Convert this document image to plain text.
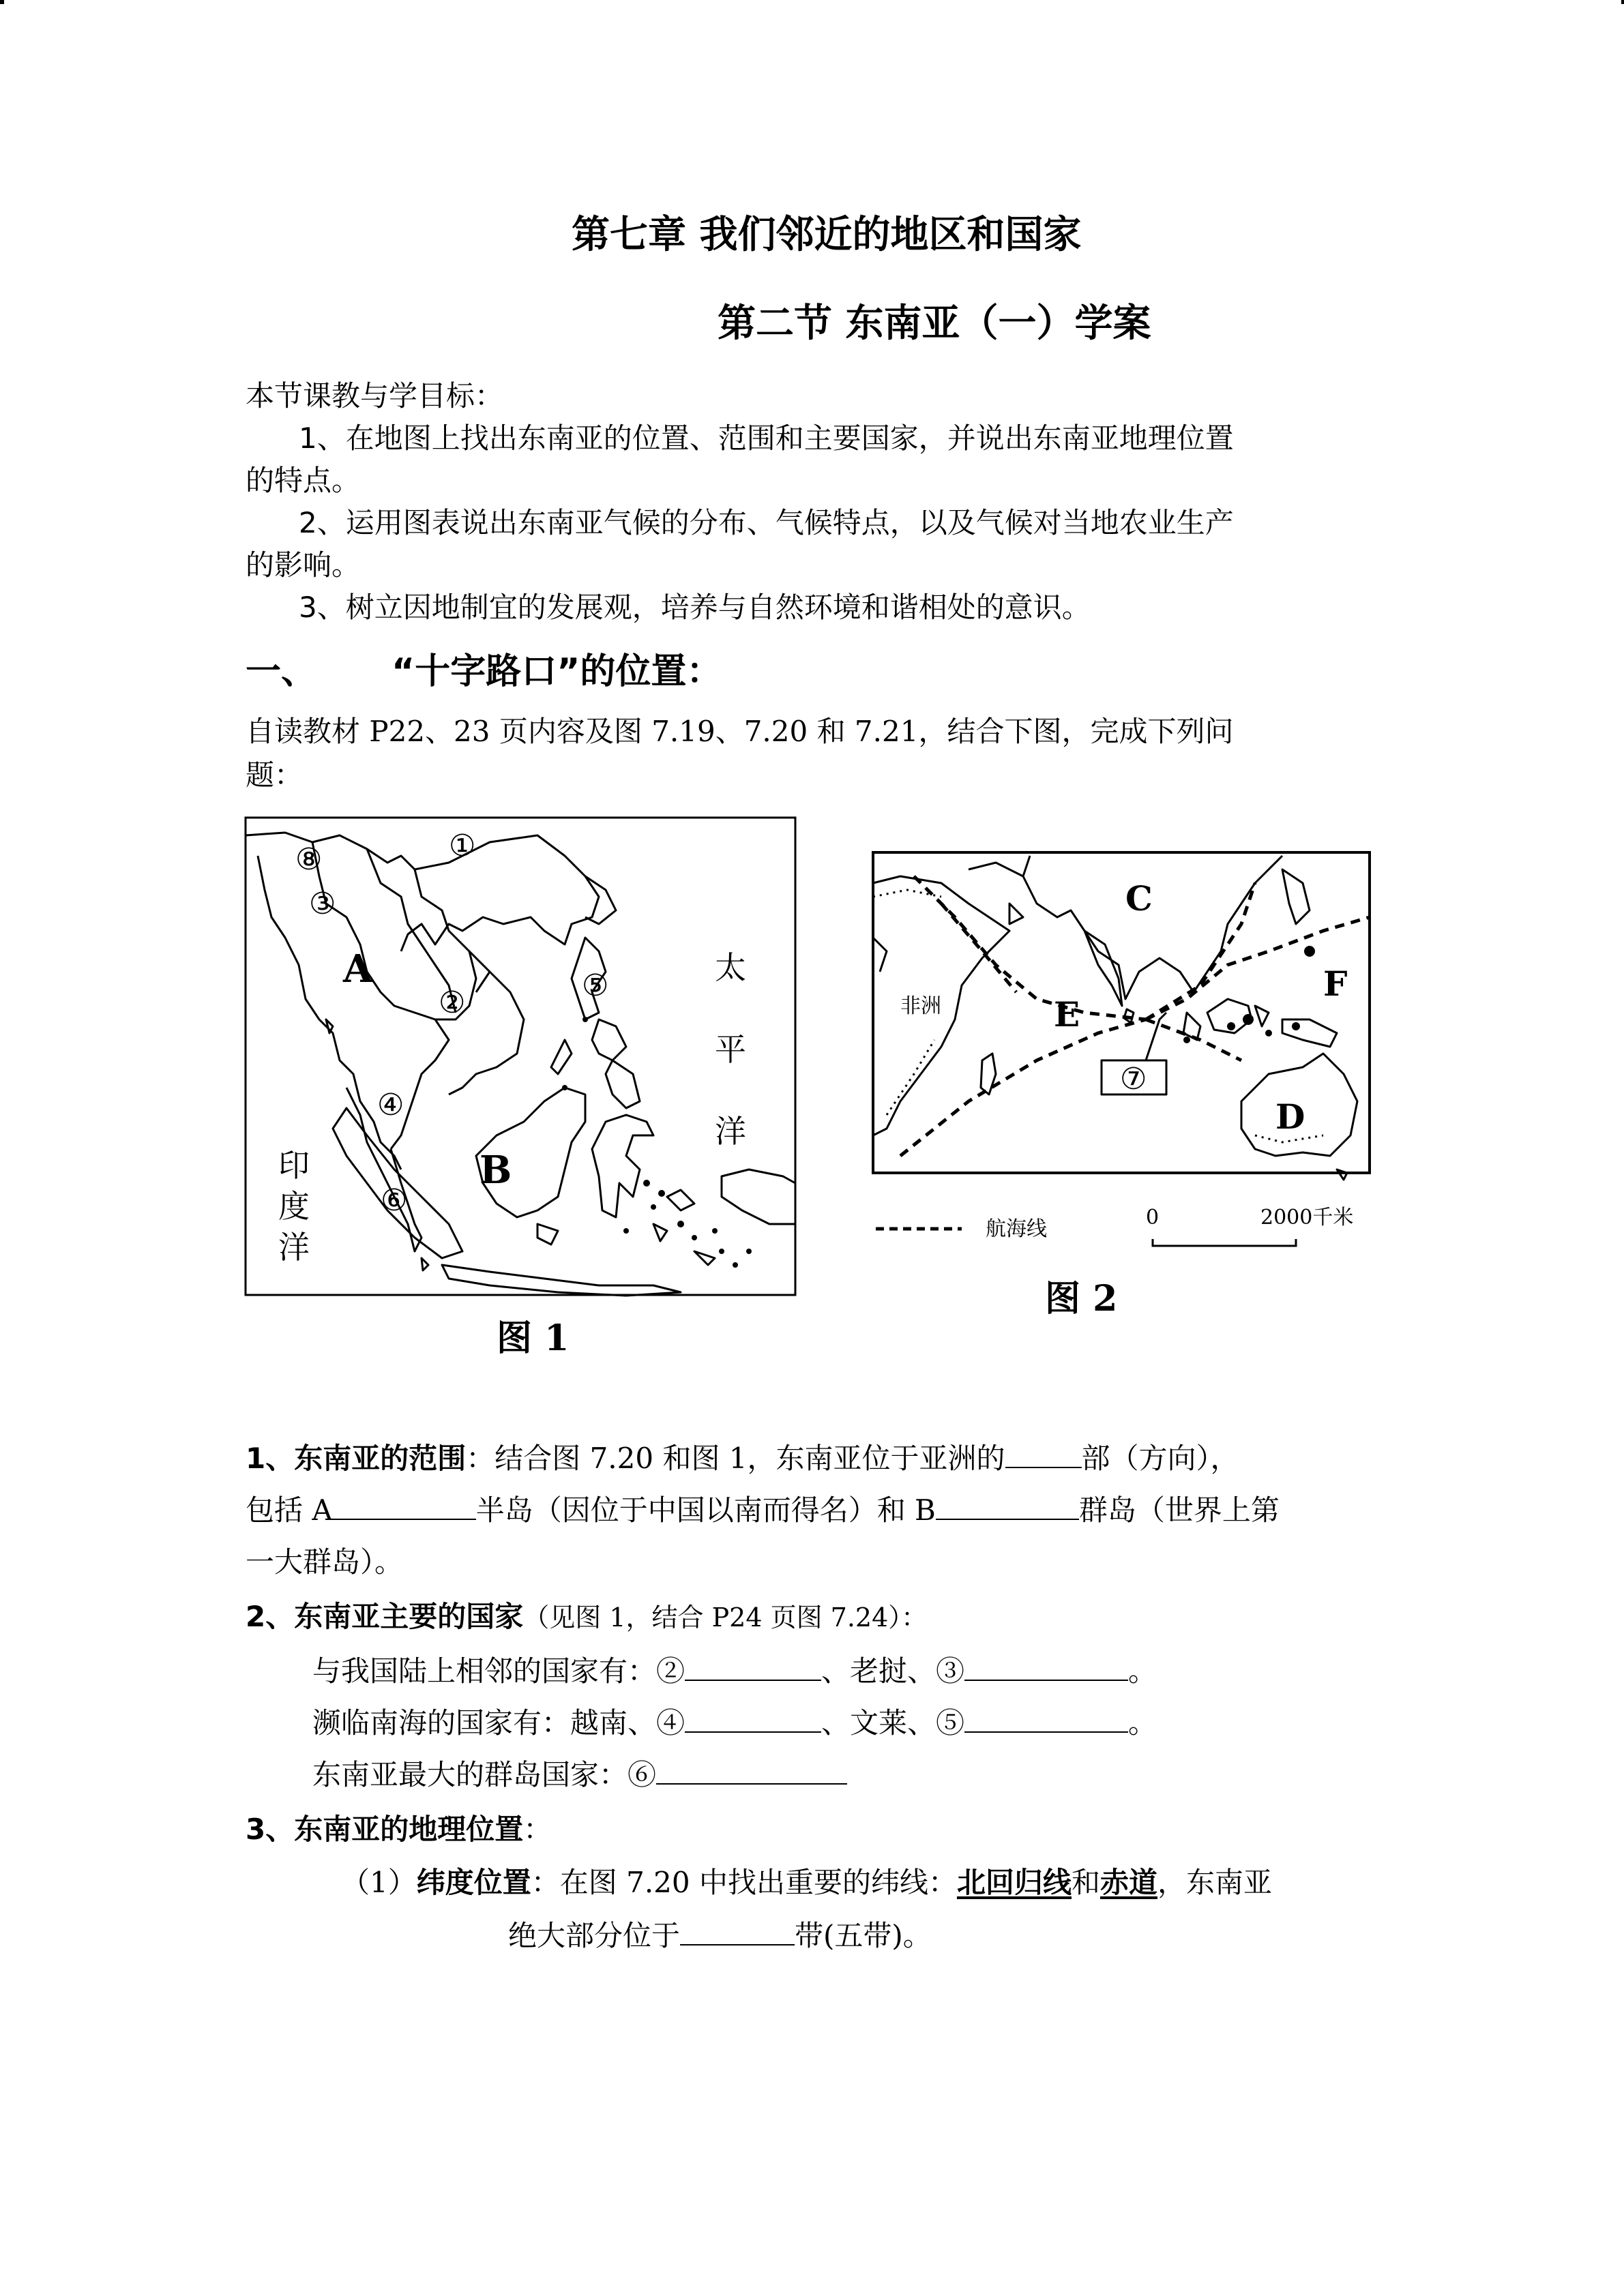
第七章 我们邻近的地区和国家
第二节 东南亚（一）学案
本节课教与学目标：
1、在地图上找出东南亚的位置、范围和主要国家，并说出东南亚地理位置
的特点。
2、运用图表说出东南亚气候的分布、气候特点，以及气候对当地农业生产
的影响。
3、树立因地制宜的发展观，培养与自然环境和谐相处的意识。
一、 “十字路口”的位置：
自读教材 P22、23 页内容及图 7.19、7.20 和 7.21，结合下图，完成下列问
题：
⑧	①
③
A
②	⑤
④
B
⑥
太
平
洋
印
度
洋
图 1
C
F
E
D
⑦
非洲
航海线	0	2000千米
图 2
1、东南亚的范围：结合图 7.20 和图 1，东南亚位于亚洲的	部（方向），
包括 A	半岛（因位于中国以南而得名）和 B	群岛（世界上第
一大群岛）。
2、东南亚主要的国家（见图 1，结合 P24 页图 7.24）：
与我国陆上相邻的国家有：②	、老挝、③	。
濒临南海的国家有：越南、④	、文莱、⑤	。
东南亚最大的群岛国家：⑥
3、东南亚的地理位置：
（1）纬度位置：在图 7.20 中找出重要的纬线：北回归线和赤道，东南亚
绝大部分位于	带(五带)。
